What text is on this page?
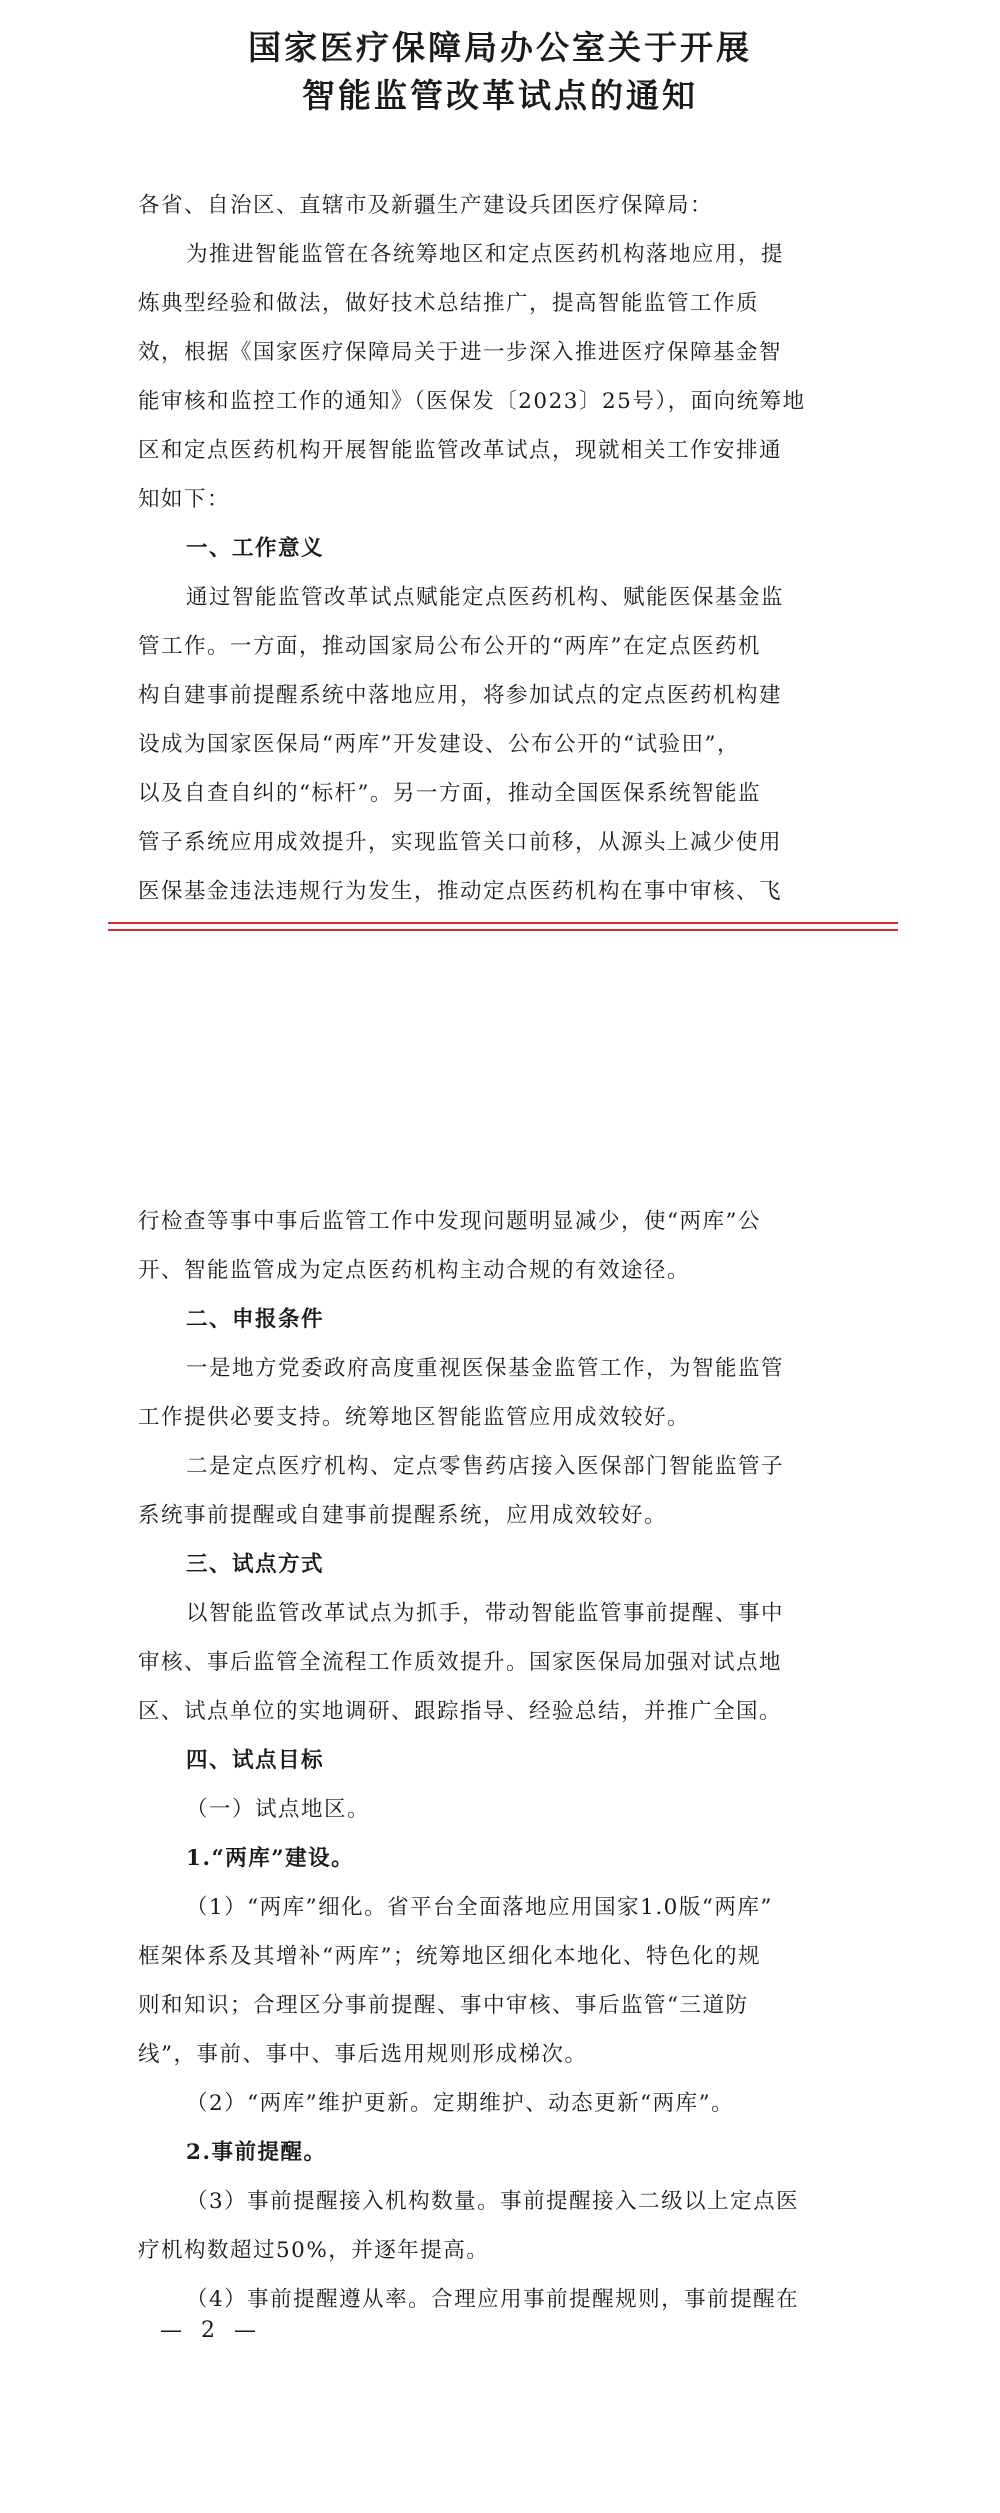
国家医疗保障局办公室关于开展
智能监管改革试点的通知
各省、自治区、直辖市及新疆生产建设兵团医疗保障局：
为推进智能监管在各统筹地区和定点医药机构落地应用，提
炼典型经验和做法，做好技术总结推广，提高智能监管工作质
效，根据《国家医疗保障局关于进一步深入推进医疗保障基金智
能审核和监控工作的通知》（医保发〔2023〕25号），面向统筹地
区和定点医药机构开展智能监管改革试点，现就相关工作安排通
知如下：
一、工作意义
通过智能监管改革试点赋能定点医药机构、赋能医保基金监
管工作。一方面，推动国家局公布公开的“两库”在定点医药机
构自建事前提醒系统中落地应用，将参加试点的定点医药机构建
设成为国家医保局“两库”开发建设、公布公开的“试验田”，
以及自查自纠的“标杆”。另一方面，推动全国医保系统智能监
管子系统应用成效提升，实现监管关口前移，从源头上减少使用
医保基金违法违规行为发生，推动定点医药机构在事中审核、飞
行检查等事中事后监管工作中发现问题明显减少，使“两库”公
开、智能监管成为定点医药机构主动合规的有效途径。
二、申报条件
一是地方党委政府高度重视医保基金监管工作，为智能监管
工作提供必要支持。统筹地区智能监管应用成效较好。
二是定点医疗机构、定点零售药店接入医保部门智能监管子
系统事前提醒或自建事前提醒系统，应用成效较好。
三、试点方式
以智能监管改革试点为抓手，带动智能监管事前提醒、事中
审核、事后监管全流程工作质效提升。国家医保局加强对试点地
区、试点单位的实地调研、跟踪指导、经验总结，并推广全国。
四、试点目标
（一）试点地区。
1.“两库”建设。
（1）“两库”细化。省平台全面落地应用国家1.0版“两库”
框架体系及其增补“两库”；统筹地区细化本地化、特色化的规
则和知识；合理区分事前提醒、事中审核、事后监管“三道防
线”，事前、事中、事后选用规则形成梯次。
（2）“两库”维护更新。定期维护、动态更新“两库”。
2.事前提醒。
（3）事前提醒接入机构数量。事前提醒接入二级以上定点医
疗机构数超过50%，并逐年提高。
（4）事前提醒遵从率。合理应用事前提醒规则，事前提醒在
— 2 —
